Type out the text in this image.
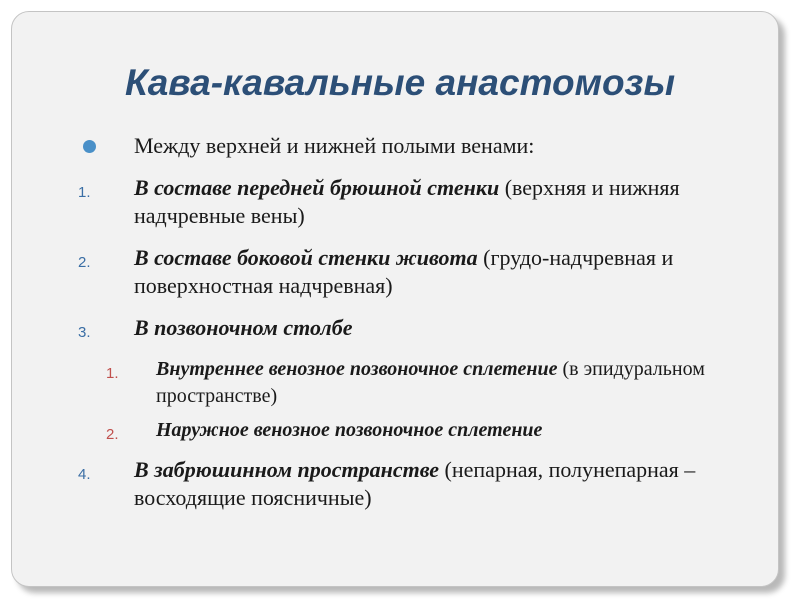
Кава-кавальные анастомозы
Между верхней и нижней полыми венами:
1. В составе передней брюшной стенки (верхняя и нижняя надчревные вены)
2. В составе боковой стенки живота (грудо-надчревная и поверхностная надчревная)
3. В позвоночном столбе
1. Внутреннее венозное позвоночное сплетение (в эпидуральном пространстве)
2. Наружное венозное позвоночное сплетение
4. В забрюшинном пространстве (непарная, полунепарная – восходящие поясничные)
